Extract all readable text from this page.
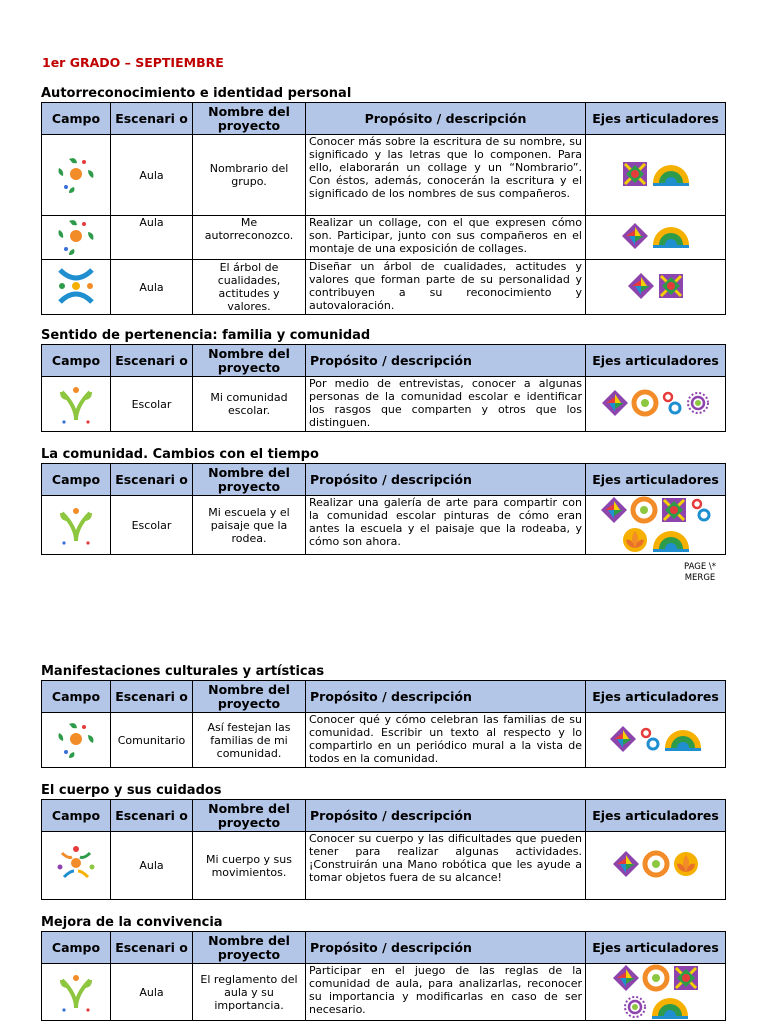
1er GRADO – SEPTIEMBRE
Autorreconocimiento e identidad personal
Campo	Escenari o	Nombre del proyecto	Propósito / descripción	Ejes articuladores
	Aula	Nombrario del grupo.	Conocer más sobre la escritura de su nombre, su significado y las letras que lo componen. Para ello, elaborarán un collage y un “Nombrario”. Con éstos, además, conocerán la escritura y el significado de los nombres de sus compañeros.	

	Aula	Me autorreconozco.	Realizar un collage, con el que expresen cómo son. Participar, junto con sus compañeros en el montaje de una exposición de collages.	

	Aula	El árbol de cualidades, actitudes y valores.	Diseñar un árbol de cualidades, actitudes y valores que forman parte de su personalidad y contribuyen a su reconocimiento y autovaloración.	
Sentido de pertenencia: familia y comunidad
Campo	Escenari o	Nombre del proyecto	Propósito / descripción	Ejes articuladores
	Escolar	Mi comunidad escolar.	Por medio de entrevistas, conocer a algunas personas de la comunidad escolar e identificar los rasgos que comparten y otros que los distinguen.	
La comunidad. Cambios con el tiempo
Campo	Escenari o	Nombre del proyecto	Propósito / descripción	Ejes articuladores
	Escolar	Mi escuela y el paisaje que la rodea.	Realizar una galería de arte para compartir con la comunidad escolar pinturas de cómo eran antes la escuela y el paisaje que la rodeaba, y cómo son ahora.	
PAGE \* MERGE
Manifestaciones culturales y artísticas
Campo	Escenari o	Nombre del proyecto	Propósito / descripción	Ejes articuladores
	Comunitario	Así festejan las familias de mi comunidad.	Conocer qué y cómo celebran las familias de su comunidad. Escribir un texto al respecto y lo compartirlo en un periódico mural a la vista de todos en la comunidad.	
El cuerpo y sus cuidados
Campo	Escenari o	Nombre del proyecto	Propósito / descripción	Ejes articuladores
	Aula	Mi cuerpo y sus movimientos.	Conocer su cuerpo y las dificultades que pueden tener para realizar algunas actividades. ¡Construirán una Mano robótica que les ayude a tomar objetos fuera de su alcance!	
Mejora de la convivencia
Campo	Escenari o	Nombre del proyecto	Propósito / descripción	Ejes articuladores
	Aula	El reglamento del aula y su importancia.	Participar en el juego de las reglas de la comunidad de aula, para analizarlas, reconocer su importancia y modificarlas en caso de ser necesario.	
